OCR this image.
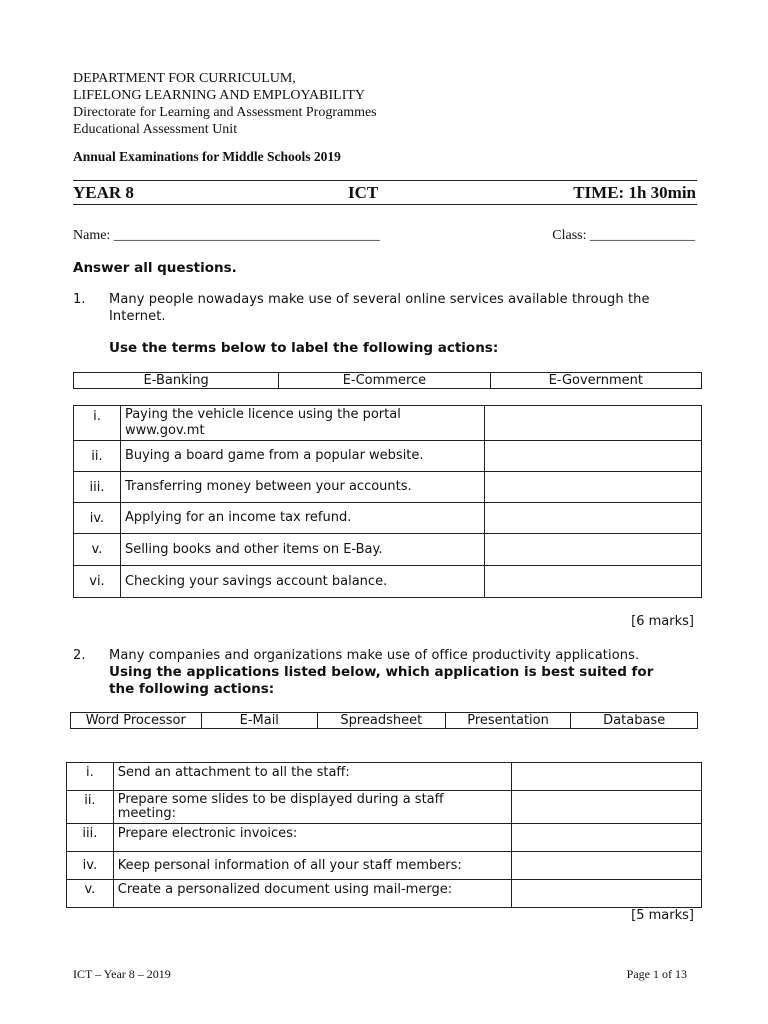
DEPARTMENT FOR CURRICULUM,
LIFELONG LEARNING AND EMPLOYABILITY
Directorate for Learning and Assessment Programmes
Educational Assessment Unit
Annual Examinations for Middle Schools 2019
YEAR 8	ICT	TIME: 1h 30min
Name: ______________________________________	Class: _______________
Answer all questions.
1. Many people nowadays make use of several online services available through the
Internet.
Use the terms below to label the following actions:
E-Banking	E-Commerce	E-Government
i.	Paying the vehicle licence using the portal
www.gov.mt	

ii.	Buying a board game from a popular website.	
iii.	Transferring money between your accounts.	
iv.	Applying for an income tax refund.	
v.	Selling books and other items on E-Bay.	
vi.	Checking your savings account balance.	
[6 marks]
2. Many companies and organizations make use of office productivity applications.
Using the applications listed below, which application is best suited for
the following actions:
Word Processor	E-Mail	Spreadsheet	Presentation	Database
i.	Send an attachment to all the staff:	
ii.	Prepare some slides to be displayed during a staff
meeting:	

iii.	Prepare electronic invoices:	
iv.	Keep personal information of all your staff members:	
v.	Create a personalized document using mail-merge:	
[5 marks]
ICT – Year 8 – 2019	Page 1 of 13
